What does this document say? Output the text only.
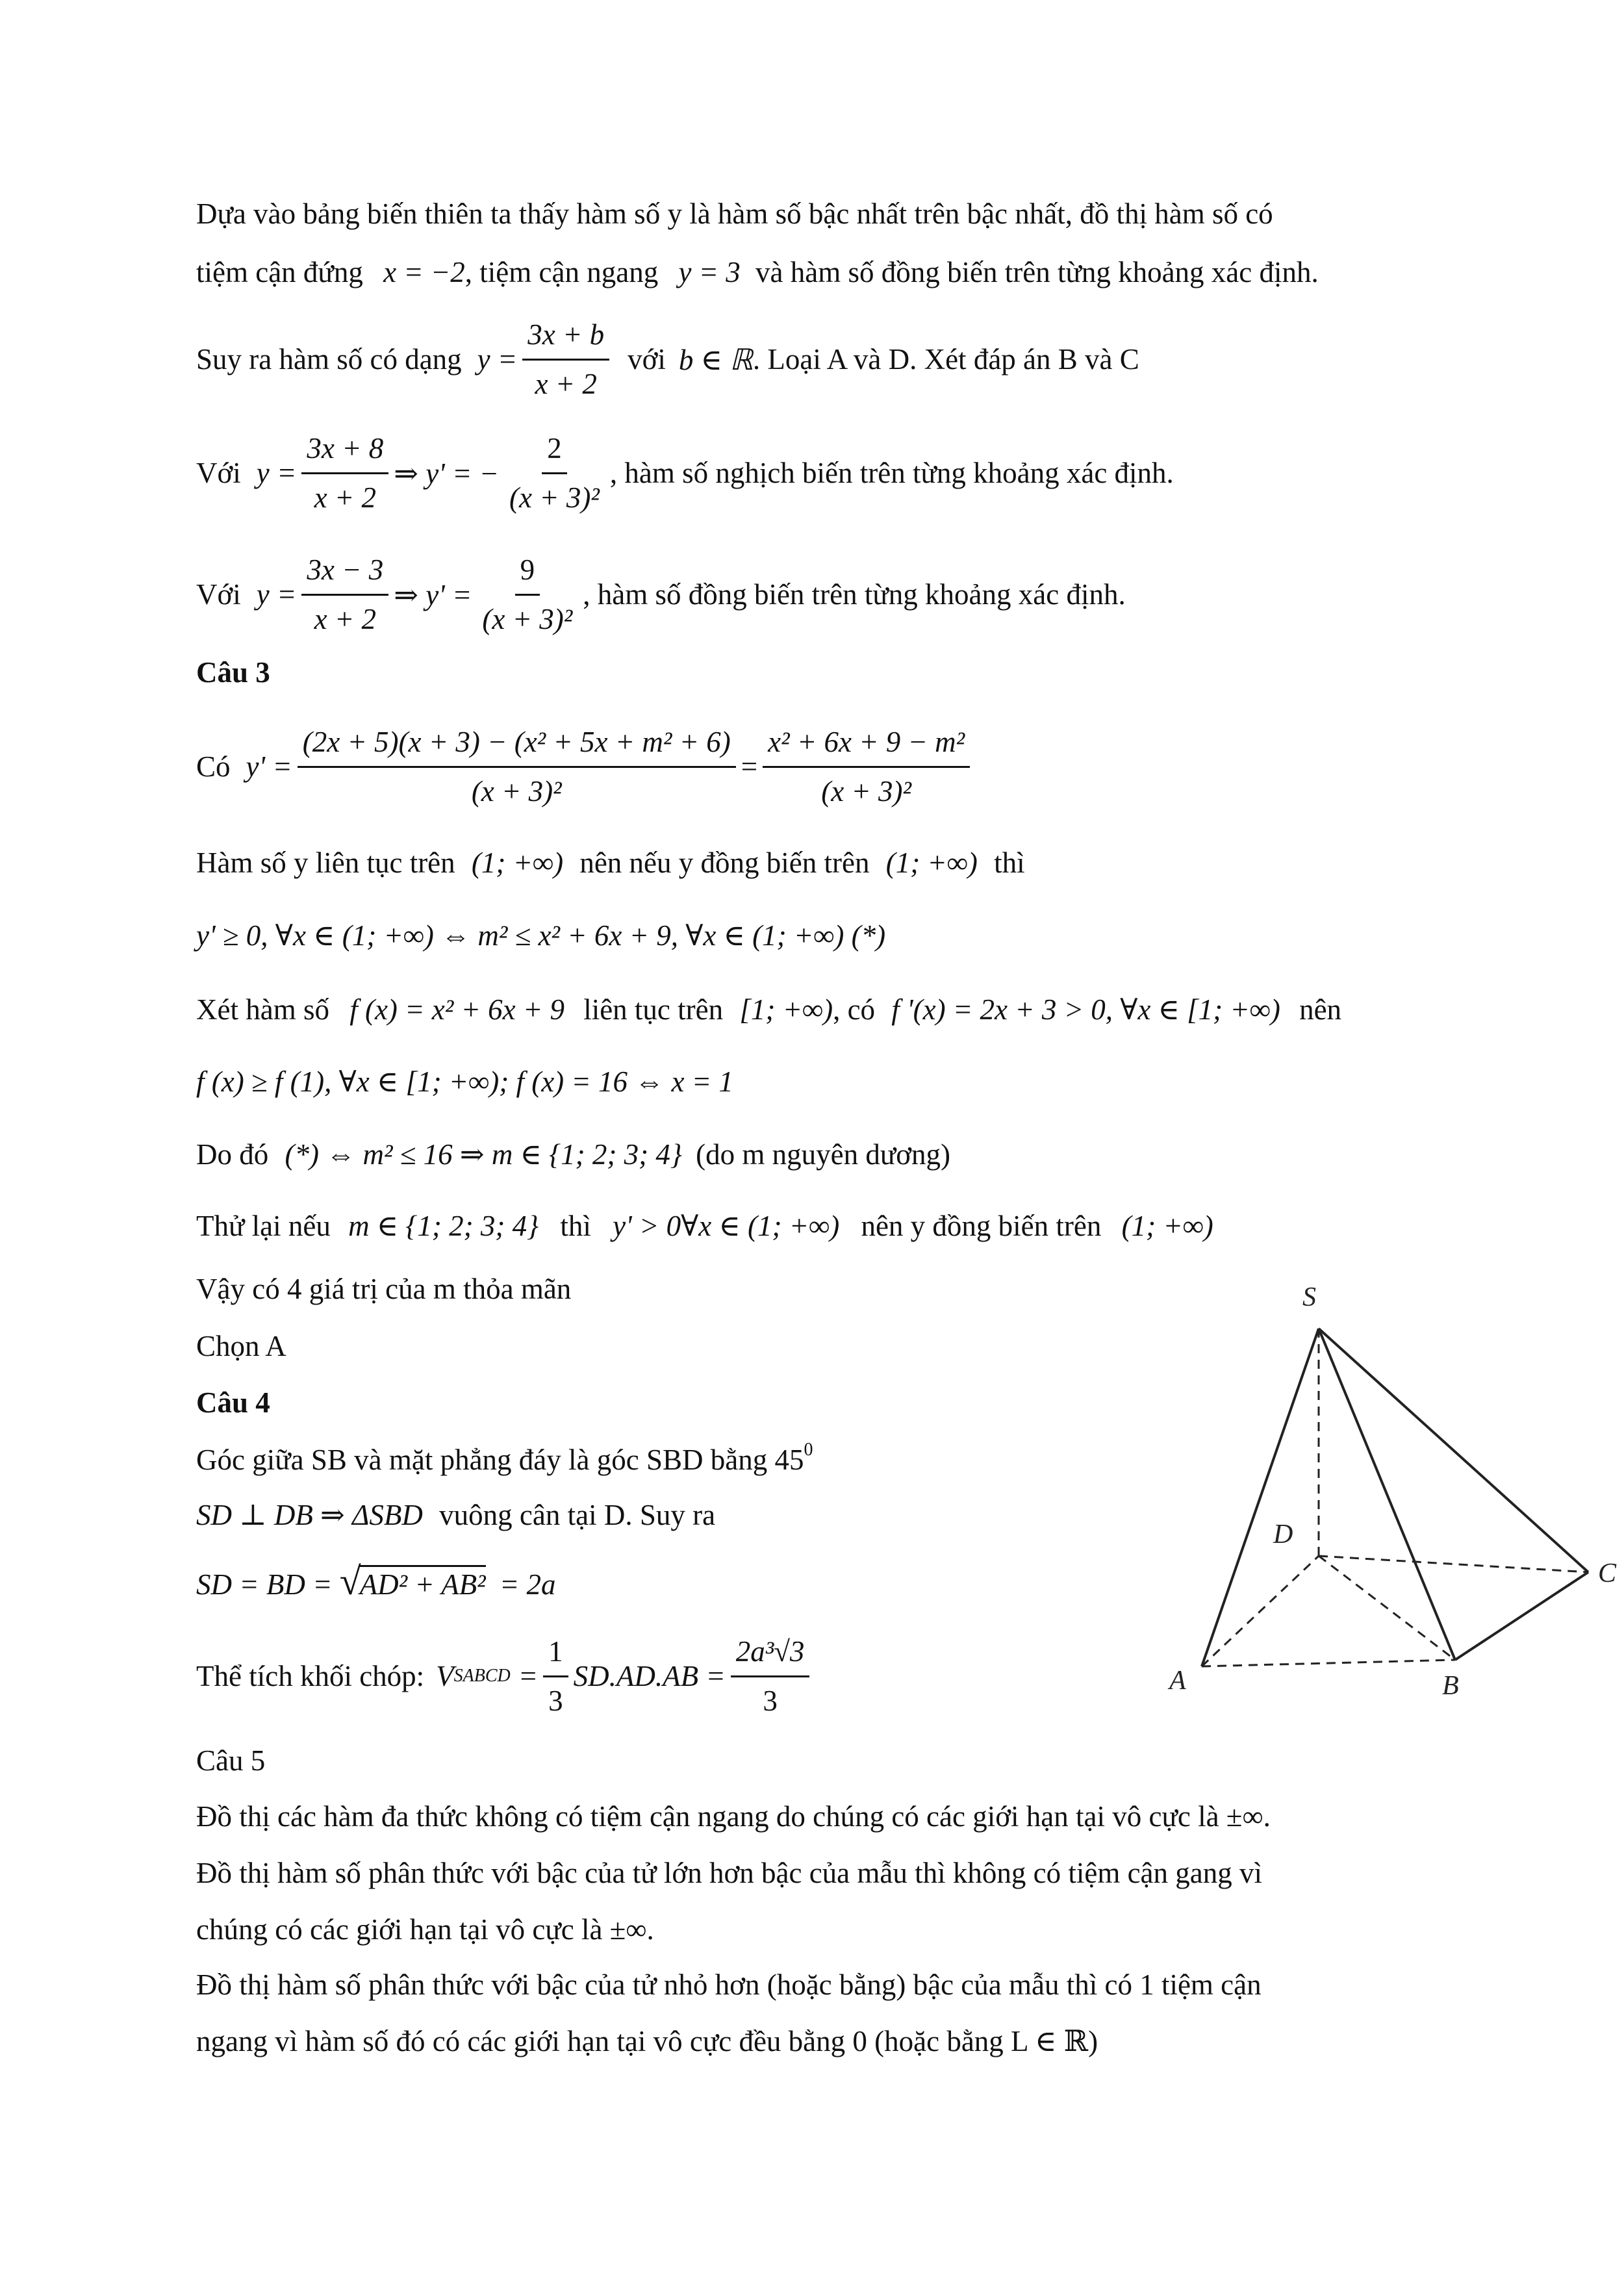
Dựa vào bảng biến thiên ta thấy hàm số y là hàm số bậc nhất trên bậc nhất, đồ thị hàm số có
tiệm cận đứng x = −2, tiệm cận ngang y = 3 và hàm số đồng biến trên từng khoảng xác định.
Suy ra hàm số có dạng $y = \frac{3x + b}{x + 2}$ với b ∈ ℝ . Loại A và D. Xét đáp án B và C
Với $y = \frac{3x + 8}{x + 2}$ ⇒ y' = − $\frac{2}{\text{(x + 3)²}}$ , hàm số nghịch biến trên từng khoảng xác định.
Với $y = \frac{3x - 3}{x + 2}$ ⇒ $y' = \frac{9}{\text{(x + 3)²}}$ , hàm số đồng biến trên từng khoảng xác định.
Câu 3
Có $y' = \frac{\text{(2x + 5)(x + 3) − (x² + 5x + m² + 6)}}{\text{(x + 3)²}} = \frac{\text{x² + 6x + 9 − m²}}{\text{(x + 3)²}}$
Hàm số y liên tục trên (1; +∞) nên nếu y đồng biến trên (1; +∞) thì
y' ≥ 0, ∀x ∈ (1; +∞) ⇔ m² ≤ x² + 6x + 9, ∀x ∈ (1; +∞) (*)
Xét hàm số f (x) = x² + 6x + 9 liên tục trên [1; +∞), có f '(x) = 2x + 3 > 0, ∀x ∈ [1; +∞) nên
f (x) ≥ f (1), ∀x ∈ [1; +∞); f (x) = 16 ⇔ x = 1
Do đó (*) ⇔ m² ≤ 16 ⇒ m ∈ {1; 2; 3; 4} (do m nguyên dương)
Thử lại nếu m ∈ {1; 2; 3; 4} thì y' > 0∀x ∈ (1; +∞) nên y đồng biến trên (1; +∞)
Vậy có 4 giá trị của m thỏa mãn
Chọn A
Câu 4
Góc giữa SB và mặt phẳng đáy là góc SBD bằng $45^0$
SD ⊥ DB ⇒ ΔSBD vuông cân tại D. Suy ra
SD = BD = √AD² + AB² = 2a
Thể tích khối chóp: V SABCD = $\frac{1}{3} SD.AD.AB = \frac{\text{2a³√3}}{3}$
Câu 5
Đồ thị các hàm đa thức không có tiệm cận ngang do chúng có các giới hạn tại vô cực là ±∞.
Đồ thị hàm số phân thức với bậc của tử lớn hơn bậc của mẫu thì không có tiệm cận gang vì
chúng có các giới hạn tại vô cực là ±∞.
Đồ thị hàm số phân thức với bậc của tử nhỏ hơn (hoặc bằng) bậc của mẫu thì có 1 tiệm cận
ngang vì hàm số đó có các giới hạn tại vô cực đều bằng 0 (hoặc bằng L ∈ ℝ)
S
A	B
C
D
